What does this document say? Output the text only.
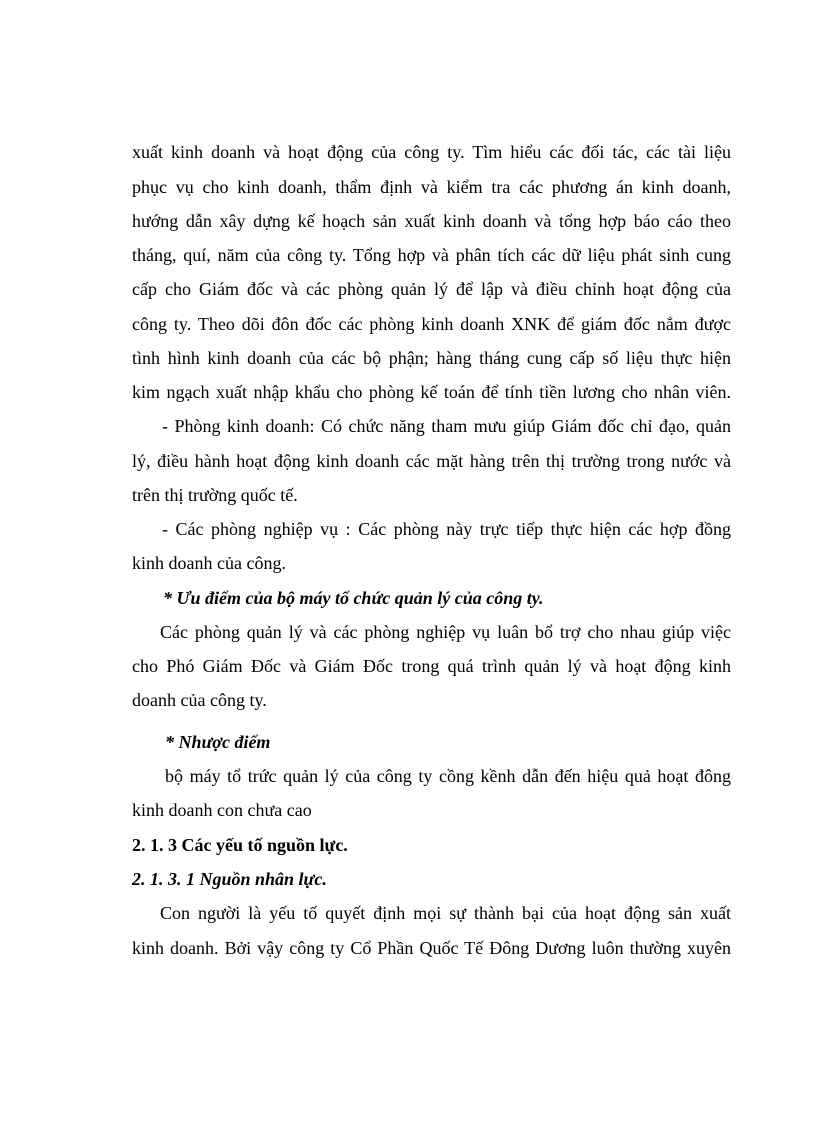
xuất kinh doanh và hoạt động của công ty. Tìm hiểu các đối tác, các tài liệu
phục vụ cho kinh doanh, thẩm định và kiểm tra các phương án kinh doanh,
hướng dẫn xây dựng kế hoạch sản xuất kinh doanh và tổng hợp báo cáo theo
tháng, quí, năm của công ty. Tổng hợp và phân tích các dữ liệu phát sinh cung
cấp cho Giám đốc và các phòng quản lý để lập và điều chỉnh hoạt động của
công ty. Theo dõi đôn đốc các phòng kinh doanh XNK để giám đốc nắm được
tình hình kinh doanh của các bộ phận; hàng tháng cung cấp số liệu thực hiện
kim ngạch xuất nhập khẩu cho phòng kế toán để tính tiền lương cho nhân viên.
- Phòng kinh doanh: Có chức năng tham mưu giúp Giám đốc chỉ đạo, quản
lý, điều hành hoạt động kinh doanh các mặt hàng trên thị trường trong nước và
trên thị trường quốc tế.
- Các phòng nghiệp vụ : Các phòng này trực tiếp thực hiện các hợp đồng
kinh doanh của công.
* Ưu điểm của bộ máy tổ chức quản lý của công ty.
Các phòng quản lý và các phòng nghiệp vụ luân bổ trợ cho nhau giúp việc
cho Phó Giám Đốc và Giám Đốc trong quá trình quản lý và hoạt động kinh
doanh của công ty.
* Nhược điểm
bộ máy tổ trức quản lý của công ty cồng kềnh dẫn đến hiệu quả hoạt đông
kinh doanh con chưa cao
2. 1. 3 Các yếu tố nguồn lực.
2. 1. 3. 1 Nguồn nhân lực.
Con người là yếu tố quyết định mọi sự thành bại của hoạt động sản xuất
kinh doanh. Bởi vậy công ty Cổ Phần Quốc Tế Đông Dương luôn thường xuyên
